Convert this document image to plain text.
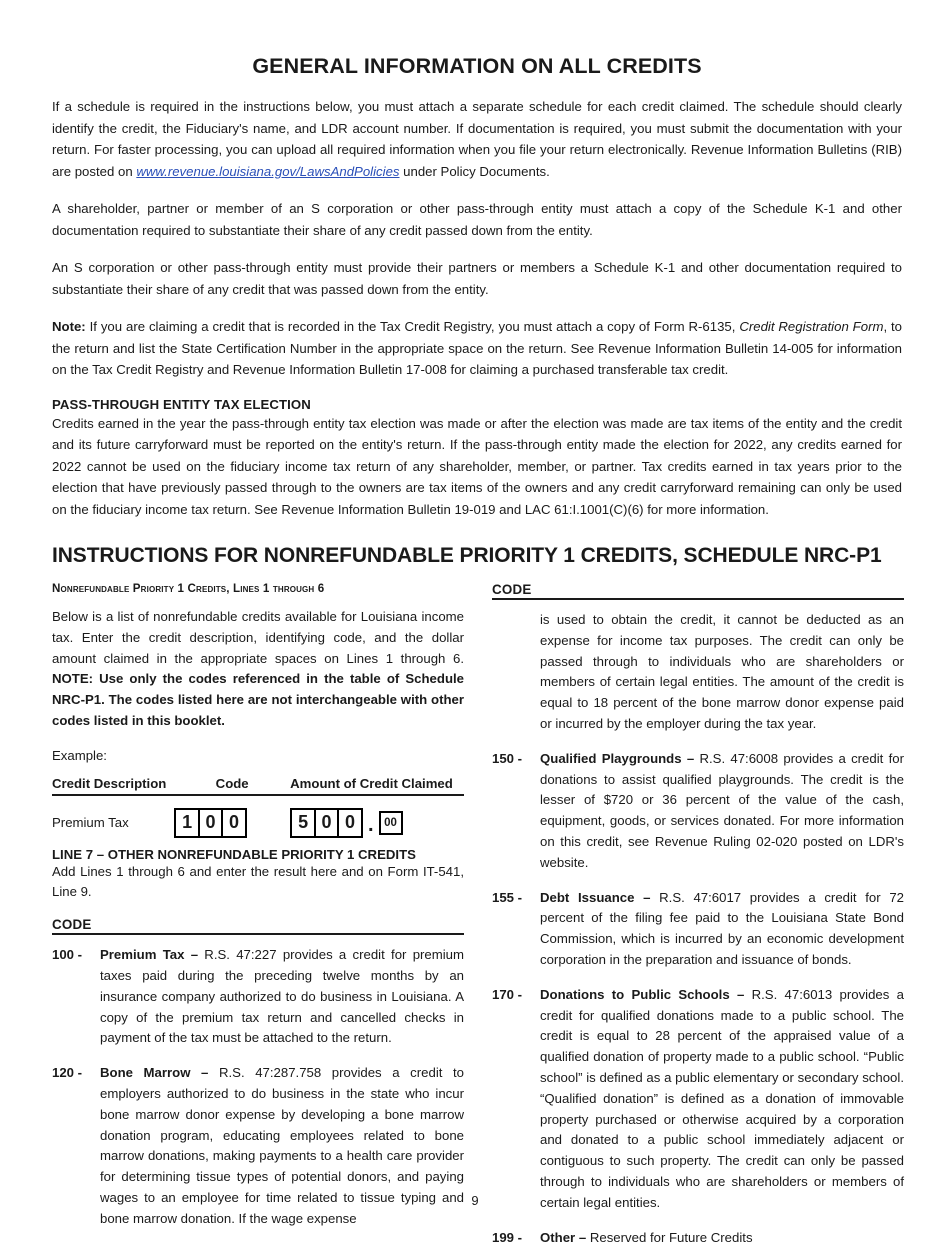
GENERAL INFORMATION ON ALL CREDITS

If a schedule is required in the instructions below, you must attach a separate schedule for each credit claimed. The schedule should clearly identify the credit, the Fiduciary's name, and LDR account number. If documentation is required, you must submit the documentation with your return. For faster processing, you can upload all required information when you file your return electronically. Revenue Information Bulletins (RIB) are posted on www.revenue.louisiana.gov/LawsAndPolicies under Policy Documents.

A shareholder, partner or member of an S corporation or other pass-through entity must attach a copy of the Schedule K-1 and other documentation required to substantiate their share of any credit passed down from the entity.

An S corporation or other pass-through entity must provide their partners or members a Schedule K-1 and other documentation required to substantiate their share of any credit that was passed down from the entity.

Note: If you are claiming a credit that is recorded in the Tax Credit Registry, you must attach a copy of Form R-6135, Credit Registration Form, to the return and list the State Certification Number in the appropriate space on the return. See Revenue Information Bulletin 14-005 for information on the Tax Credit Registry and Revenue Information Bulletin 17-008 for claiming a purchased transferable tax credit.

PASS-THROUGH ENTITY TAX ELECTION

Credits earned in the year the pass-through entity tax election was made or after the election was made are tax items of the entity and the credit and its future carryforward must be reported on the entity's return. If the pass-through entity made the election for 2022, any credits earned for 2022 cannot be used on the fiduciary income tax return of any shareholder, member, or partner. Tax credits earned in tax years prior to the election that have previously passed through to the owners are tax items of the owners and any credit carryforward remaining can only be used on the fiduciary income tax return. See Revenue Information Bulletin 19-019 and LAC 61:I.1001(C)(6) for more information.

INSTRUCTIONS FOR NONREFUNDABLE PRIORITY 1 CREDITS, SCHEDULE NRC-P1
Nonrefundable Priority 1 Credits, Lines 1 through 6

Below is a list of nonrefundable credits available for Louisiana income tax. Enter the credit description, identifying code, and the dollar amount claimed in the appropriate spaces on Lines 1 through 6. NOTE: Use only the codes referenced in the table of Schedule NRC-P1. The codes listed here are not interchangeable with other codes listed in this booklet.

Example:
Credit Description	Code	Amount of Credit Claimed
Premium Tax	1 0 0	5 0 0 . 00
LINE 7 – OTHER NONREFUNDABLE PRIORITY 1 CREDITS

Add Lines 1 through 6 and enter the result here and on Form IT-541, Line 9.

CODE
100 -	Premium Tax – R.S. 47:227 provides a credit for premium taxes paid during the preceding twelve months by an insurance company authorized to do business in Louisiana. A copy of the premium tax return and cancelled checks in payment of the tax must be attached to the return.
120 -	Bone Marrow – R.S. 47:287.758 provides a credit to employers authorized to do business in the state who incur bone marrow donor expense by developing a bone marrow donation program, educating employees related to bone marrow donations, making payments to a health care provider for determining tissue types of potential donors, and paying wages to an employee for time related to tissue typing and bone marrow donation. If the wage expense
CODE
is used to obtain the credit, it cannot be deducted as an expense for income tax purposes. The credit can only be passed through to individuals who are shareholders or members of certain legal entities. The amount of the credit is equal to 18 percent of the bone marrow donor expense paid or incurred by the employer during the tax year.
150 -	Qualified Playgrounds – R.S. 47:6008 provides a credit for donations to assist qualified playgrounds. The credit is the lesser of $720 or 36 percent of the value of the cash, equipment, goods, or services donated. For more information on this credit, see Revenue Ruling 02-020 posted on LDR's website.
155 -	Debt Issuance – R.S. 47:6017 provides a credit for 72 percent of the filing fee paid to the Louisiana State Bond Commission, which is incurred by an economic development corporation in the preparation and issuance of bonds.
170 -	Donations to Public Schools – R.S. 47:6013 provides a credit for qualified donations made to a public school. The credit is equal to 28 percent of the appraised value of a qualified donation of property made to a public school. “Public school” is defined as a public elementary or secondary school. “Qualified donation” is defined as a donation of immovable property purchased or otherwise acquired by a corporation and donated to a public school immediately adjacent or contiguous to such property. The credit can only be passed through to individuals who are shareholders or members of certain legal entities.
199 -	Other – Reserved for Future Credits
9
